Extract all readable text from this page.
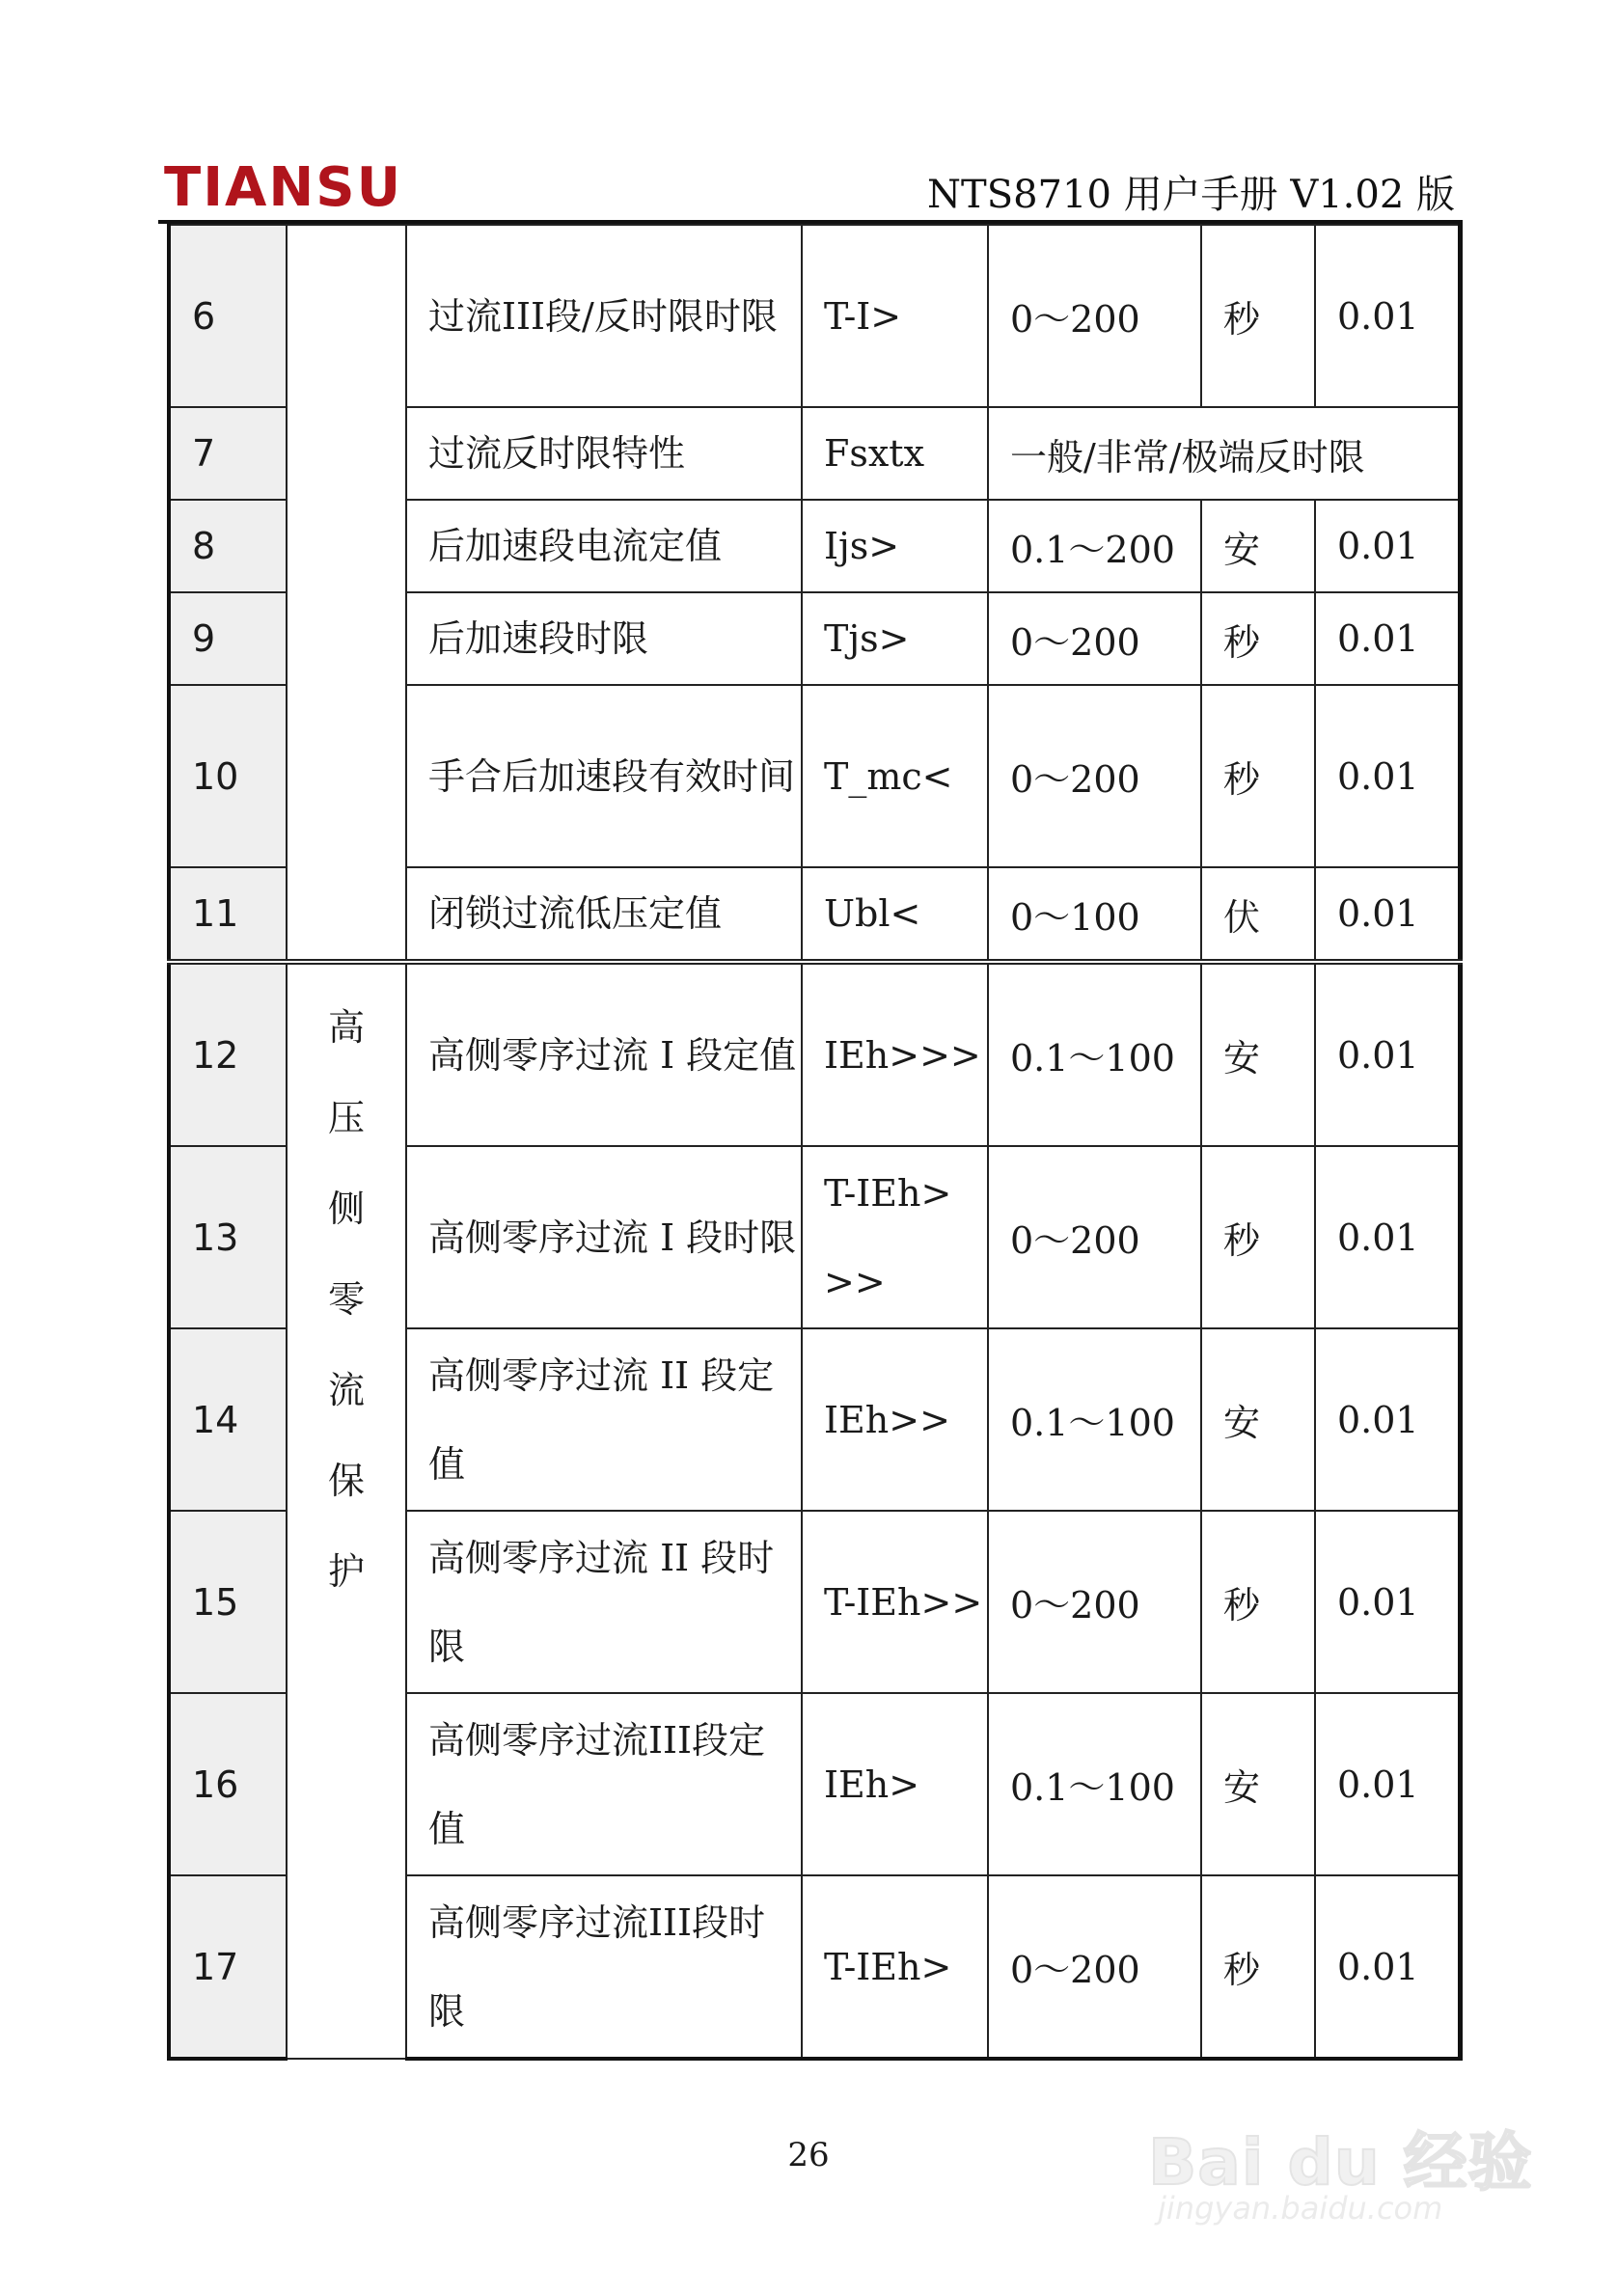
TIANSU	NTS8710 用户手册 V1.02 版
6		过流III段/反时限时限	T-I>	0～200	秒	0.01
7		过流反时限特性	Fsxtx	一般/非常/极端反时限		
8		后加速段电流定值	Ijs>	0.1～200	安	0.01
9		后加速段时限	Tjs>	0～200	秒	0.01
10		手合后加速段有效时间	T_mc<	0～200	秒	0.01
11		闭锁过流低压定值	Ubl<	0～100	伏	0.01
12	高压侧零流保护	高侧零序过流 I 段定值	IEh>>>	0.1～100	安	0.01
13		高侧零序过流 I 段时限	T-IEh>>>	0～200	秒	0.01
14		高侧零序过流 II 段定值	IEh>>	0.1～100	安	0.01
15		高侧零序过流 II 段时限	T-IEh>>	0～200	秒	0.01
16		高侧零序过流III段定值	IEh>	0.1～100	安	0.01
17		高侧零序过流III段时限	T-IEh>	0～200	秒	0.01
26	Bai du 经验
jingyan.baidu.com
